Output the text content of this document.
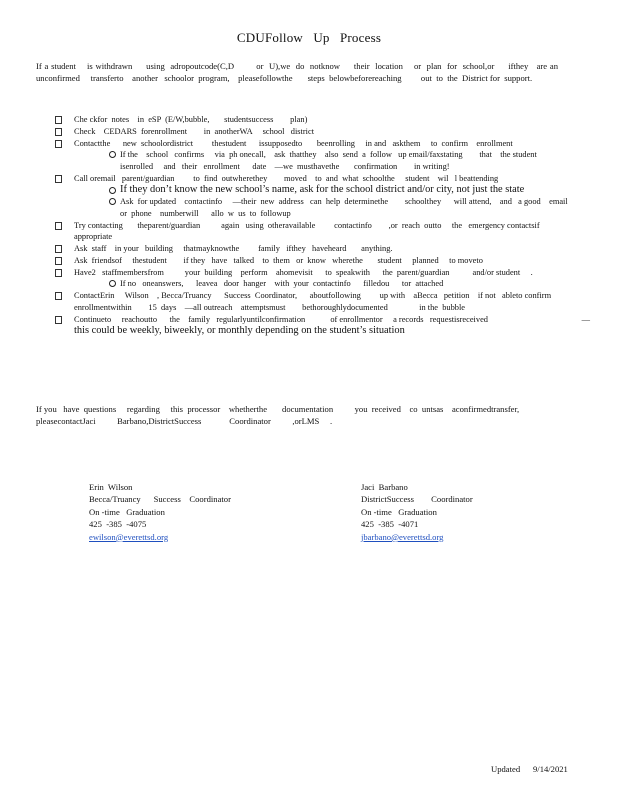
CDUFollow   Up   Process

If a student    is withdrawn     using  adropoutcode(C,D        or  U),we  do  notknow     their  location    or  plan  for  school,or     ifthey   are an  unconfirmed     transferto    another   schoolor  program,    pleasefollowthe       steps  belowbeforereaching         out  to  the  District for  support.

Che ckfor  notes    in  eSP  (E/W,bubble,       studentsuccess        plan)
Check    CEDARS  forenrollment        in  anotherWA     school   district
Contactthe      new  schoolordistrict         thestudent      issupposedto       beenrolling     in and   askthem     to  confirm    enrollment
If the    school   confirms     via  ph onecall,    ask  thatthey    also  send  a  follow   up email/faxstating        that    the student     isenrolled     and   their   enrollment      date    —we  musthavethe       confirmation        in writing!
Call oremail   parent/guardian         to  find  outwherethey        moved    to  and  what  schoolthe     student    wil   l beattending
If they don’t know the new school’s name, ask for the school district and/or city, not just the state
Ask  for updated    contactinfo     —their  new  address   can  help  determinethe        schoolthey      will attend,    and   a good    email   or  phone    numberwill      allo  w  us  to  followup
Try contacting       theparent/guardian          again   using  otheravailable         contactinfo        ,or  reach  outto     the   emergency contactsif     appropriate
Ask  staff    in your   building     thatmayknowthe         family   ifthey   haveheard       anything.
Ask  friendsof     thestudent        if they   have   talked    to  them   or  know   wherethe       student     planned     to moveto
Have2   staffmembersfrom          your  building    perform    ahomevisit      to  speakwith      the  parent/guardian           and/or student     .
If no   oneanswers,      leavea   door  hanger    with  your  contactinfo      filledou      tor  attached
ContactErin     Wilson    , Becca/Truancy      Success  Coordinator,      aboutfollowing         up with    aBecca   petition    if not   ableto confirm    enrollmentwithin        15  days    —all outreach    attemptsmust        bethoroughlydocumented               in the  bubble
Continueto     reachoutto      the    family   regularlyuntilconfirmation            of enrollmentor     a records   requestisreceived	—
this could be weekly, biweekly, or monthly depending on the student’s situation

If you   have  questions     regarding     this  processor    whetherthe       documentation          you  received    co  untsas    aconfirmedtransfer,       pleasecontactJaci          Barbano,DistrictSuccess             Coordinator          ,orLMS     .

Erin  Wilson
Becca/Truancy      Success    Coordinator
On -time   Graduation
425  -385  -4075
ewilson@everettsd.org
Jaci  Barbano
DistrictSuccess        Coordinator
On -time   Graduation
425  -385  -4071
jbarbano@everettsd.org
Updated      9/14/2021
